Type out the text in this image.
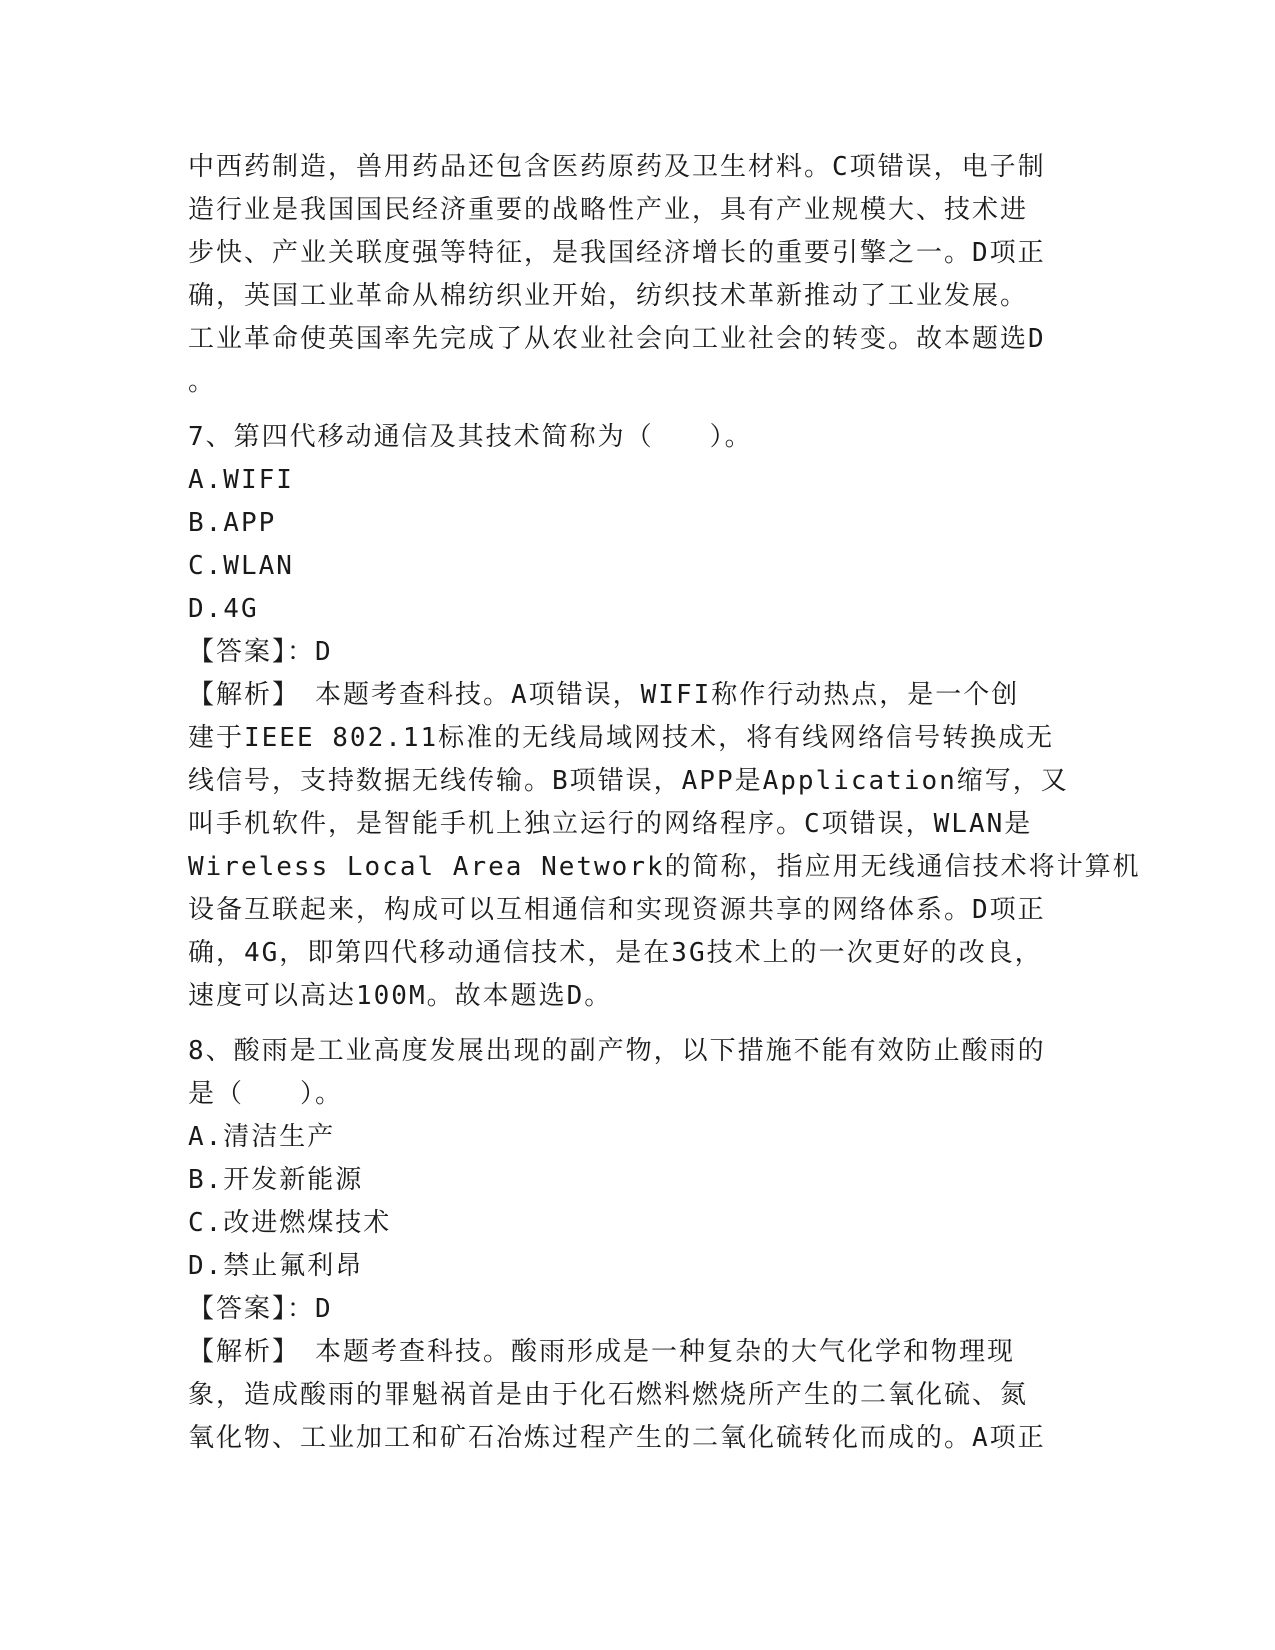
中西药制造，兽用药品还包含医药原药及卫生材料。C项错误，电子制

造行业是我国国民经济重要的战略性产业，具有产业规模大、技术进

步快、产业关联度强等特征，是我国经济增长的重要引擎之一。D项正

确，英国工业革命从棉纺织业开始，纺织技术革新推动了工业发展。

工业革命使英国率先完成了从农业社会向工业社会的转变。故本题选D

。

7、第四代移动通信及其技术简称为（　　）。

A.WIFI

B.APP

C.WLAN

D.4G

【答案】：D

【解析】　本题考查科技。A项错误，WIFI称作行动热点，是一个创

建于IEEE 802.11标准的无线局域网技术，将有线网络信号转换成无

线信号，支持数据无线传输。B项错误，APP是Application缩写，又

叫手机软件，是智能手机上独立运行的网络程序。C项错误，WLAN是

Wireless Local Area Network的简称，指应用无线通信技术将计算机

设备互联起来，构成可以互相通信和实现资源共享的网络体系。D项正

确，4G，即第四代移动通信技术，是在3G技术上的一次更好的改良，

速度可以高达100M。故本题选D。

8、酸雨是工业高度发展出现的副产物，以下措施不能有效防止酸雨的

是（　　）。

A.清洁生产

B.开发新能源

C.改进燃煤技术

D.禁止氟利昂

【答案】：D

【解析】　本题考查科技。酸雨形成是一种复杂的大气化学和物理现

象，造成酸雨的罪魁祸首是由于化石燃料燃烧所产生的二氧化硫、氮

氧化物、工业加工和矿石冶炼过程产生的二氧化硫转化而成的。A项正
